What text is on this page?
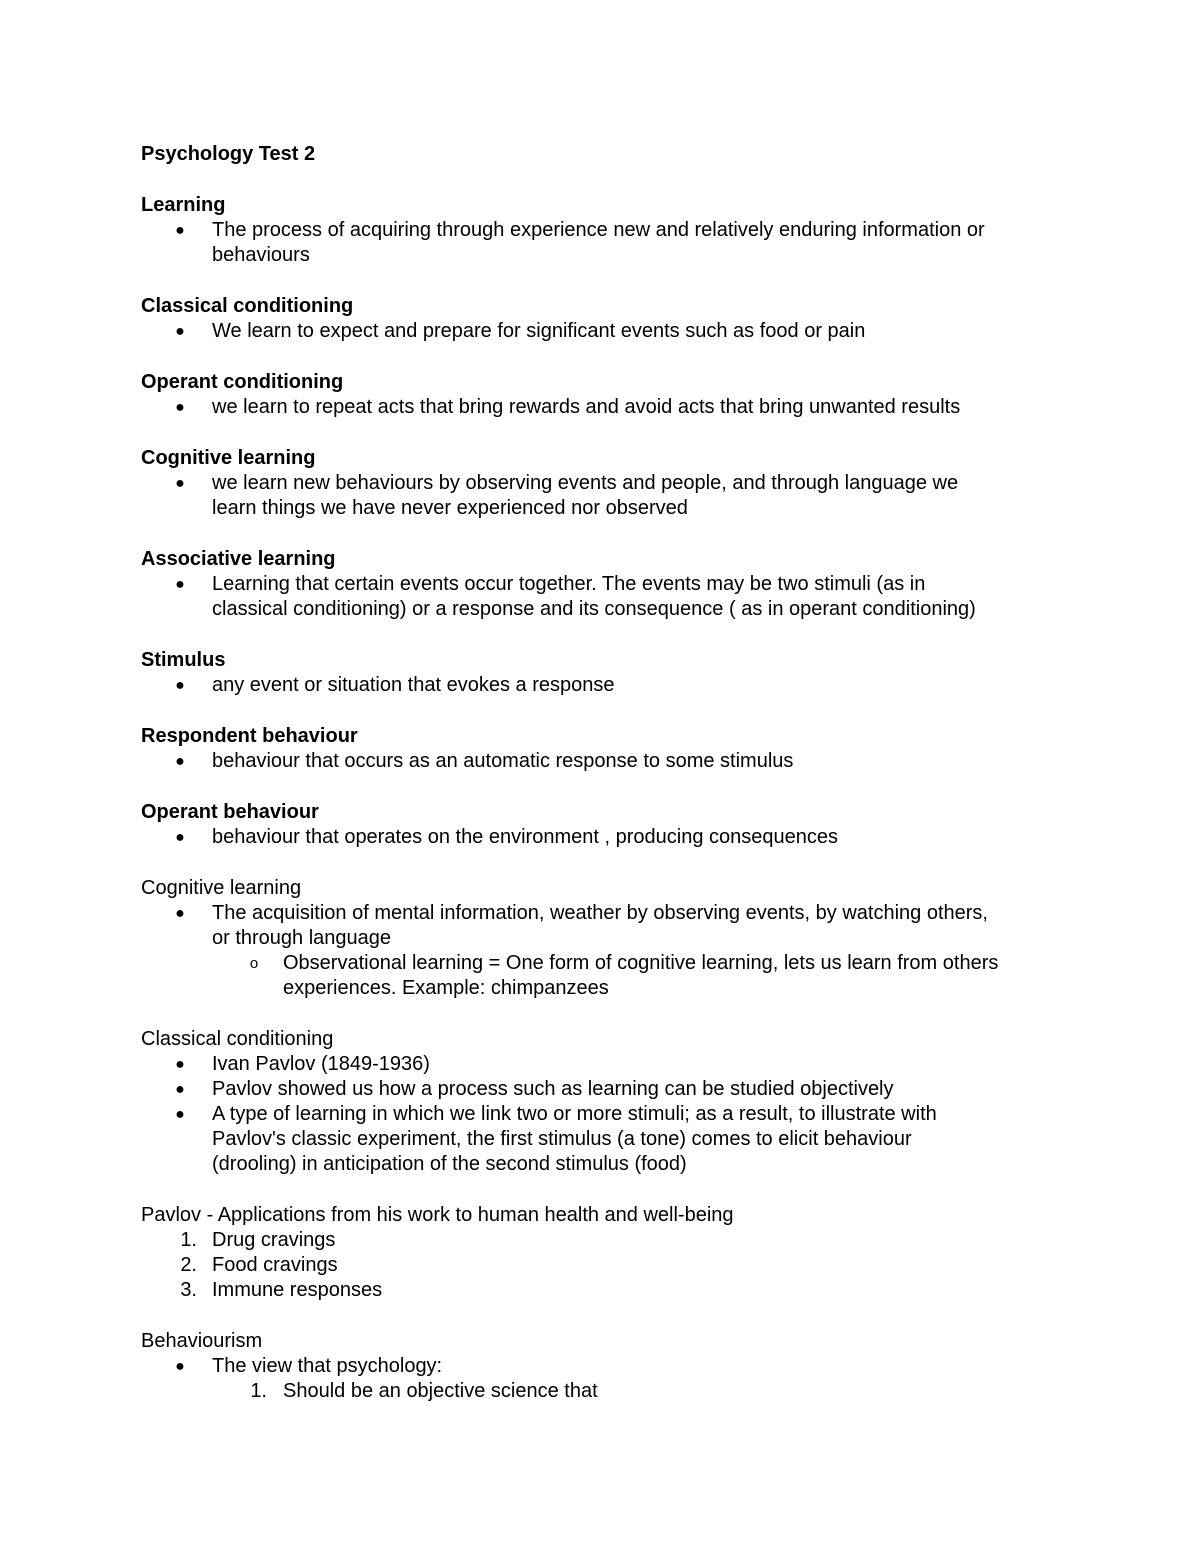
Psychology Test 2
Learning
● The process of acquiring through experience new and relatively enduring information or
behaviours
Classical conditioning
● We learn to expect and prepare for significant events such as food or pain
Operant conditioning
● we learn to repeat acts that bring rewards and avoid acts that bring unwanted results
Cognitive learning
● we learn new behaviours by observing events and people, and through language we
learn things we have never experienced nor observed
Associative learning
● Learning that certain events occur together. The events may be two stimuli (as in
classical conditioning) or a response and its consequence ( as in operant conditioning)
Stimulus
● any event or situation that evokes a response
Respondent behaviour
● behaviour that occurs as an automatic response to some stimulus
Operant behaviour
● behaviour that operates on the environment , producing consequences
Cognitive learning
● The acquisition of mental information, weather by observing events, by watching others,
or through language
o Observational learning = One form of cognitive learning, lets us learn from others
experiences. Example: chimpanzees
Classical conditioning
● Ivan Pavlov (1849-1936)
● Pavlov showed us how a process such as learning can be studied objectively
● A type of learning in which we link two or more stimuli; as a result, to illustrate with
Pavlov's classic experiment, the first stimulus (a tone) comes to elicit behaviour
(drooling) in anticipation of the second stimulus (food)
Pavlov - Applications from his work to human health and well-being
1. Drug cravings
2. Food cravings
3. Immune responses
Behaviourism
● The view that psychology:
1. Should be an objective science that
